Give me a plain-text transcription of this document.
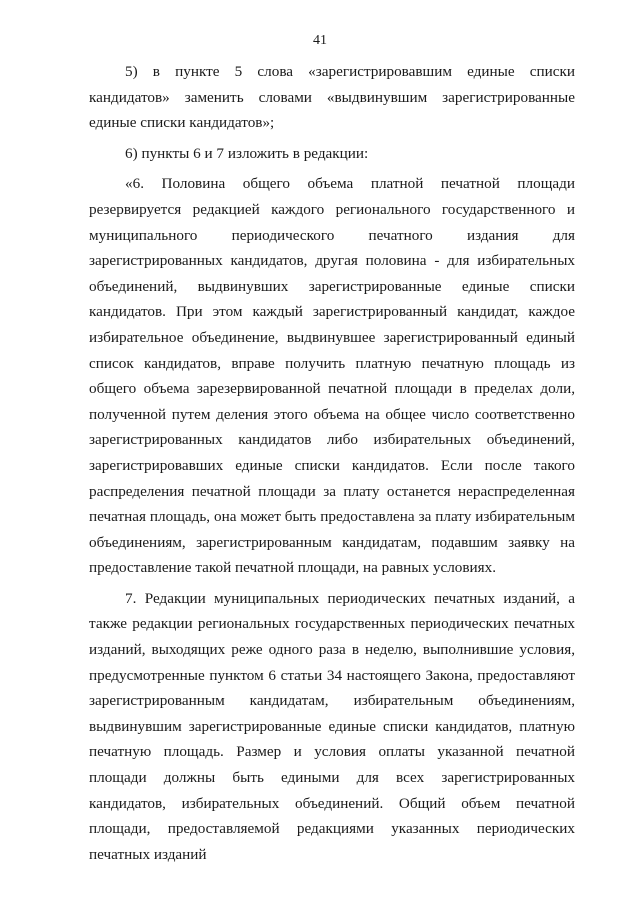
41

5) в пункте 5 слова «зарегистрировавшим единые списки кандидатов» заменить словами «выдвинувшим зарегистрированные единые списки кандидатов»;

6) пункты 6 и 7 изложить в редакции:

«6. Половина общего объема платной печатной площади резервируется редакцией каждого регионального государственного и муниципального периодического печатного издания для зарегистрированных кандидатов, другая половина - для избирательных объединений, выдвинувших зарегистрированные единые списки кандидатов. При этом каждый зарегистрированный кандидат, каждое избирательное объединение, выдвинувшее зарегистрированный единый список кандидатов, вправе получить платную печатную площадь из общего объема зарезервированной печатной площади в пределах доли, полученной путем деления этого объема на общее число соответственно зарегистрированных кандидатов либо избирательных объединений, зарегистрировавших единые списки кандидатов. Если после такого распределения печатной площади за плату останется нераспределенная печатная площадь, она может быть предоставлена за плату избирательным объединениям, зарегистрированным кандидатам, подавшим заявку на предоставление такой печатной площади, на равных условиях.

7. Редакции муниципальных периодических печатных изданий, а также редакции региональных государственных периодических печатных изданий, выходящих реже одного раза в неделю, выполнившие условия, предусмотренные пунктом 6 статьи 34 настоящего Закона, предоставляют зарегистрированным кандидатам, избирательным объединениям, выдвинувшим зарегистрированные единые списки кандидатов, платную печатную площадь. Размер и условия оплаты указанной печатной площади должны быть едиными для всех зарегистрированных кандидатов, избирательных объединений. Общий объем печатной площади, предоставляемой редакциями указанных периодических печатных изданий
